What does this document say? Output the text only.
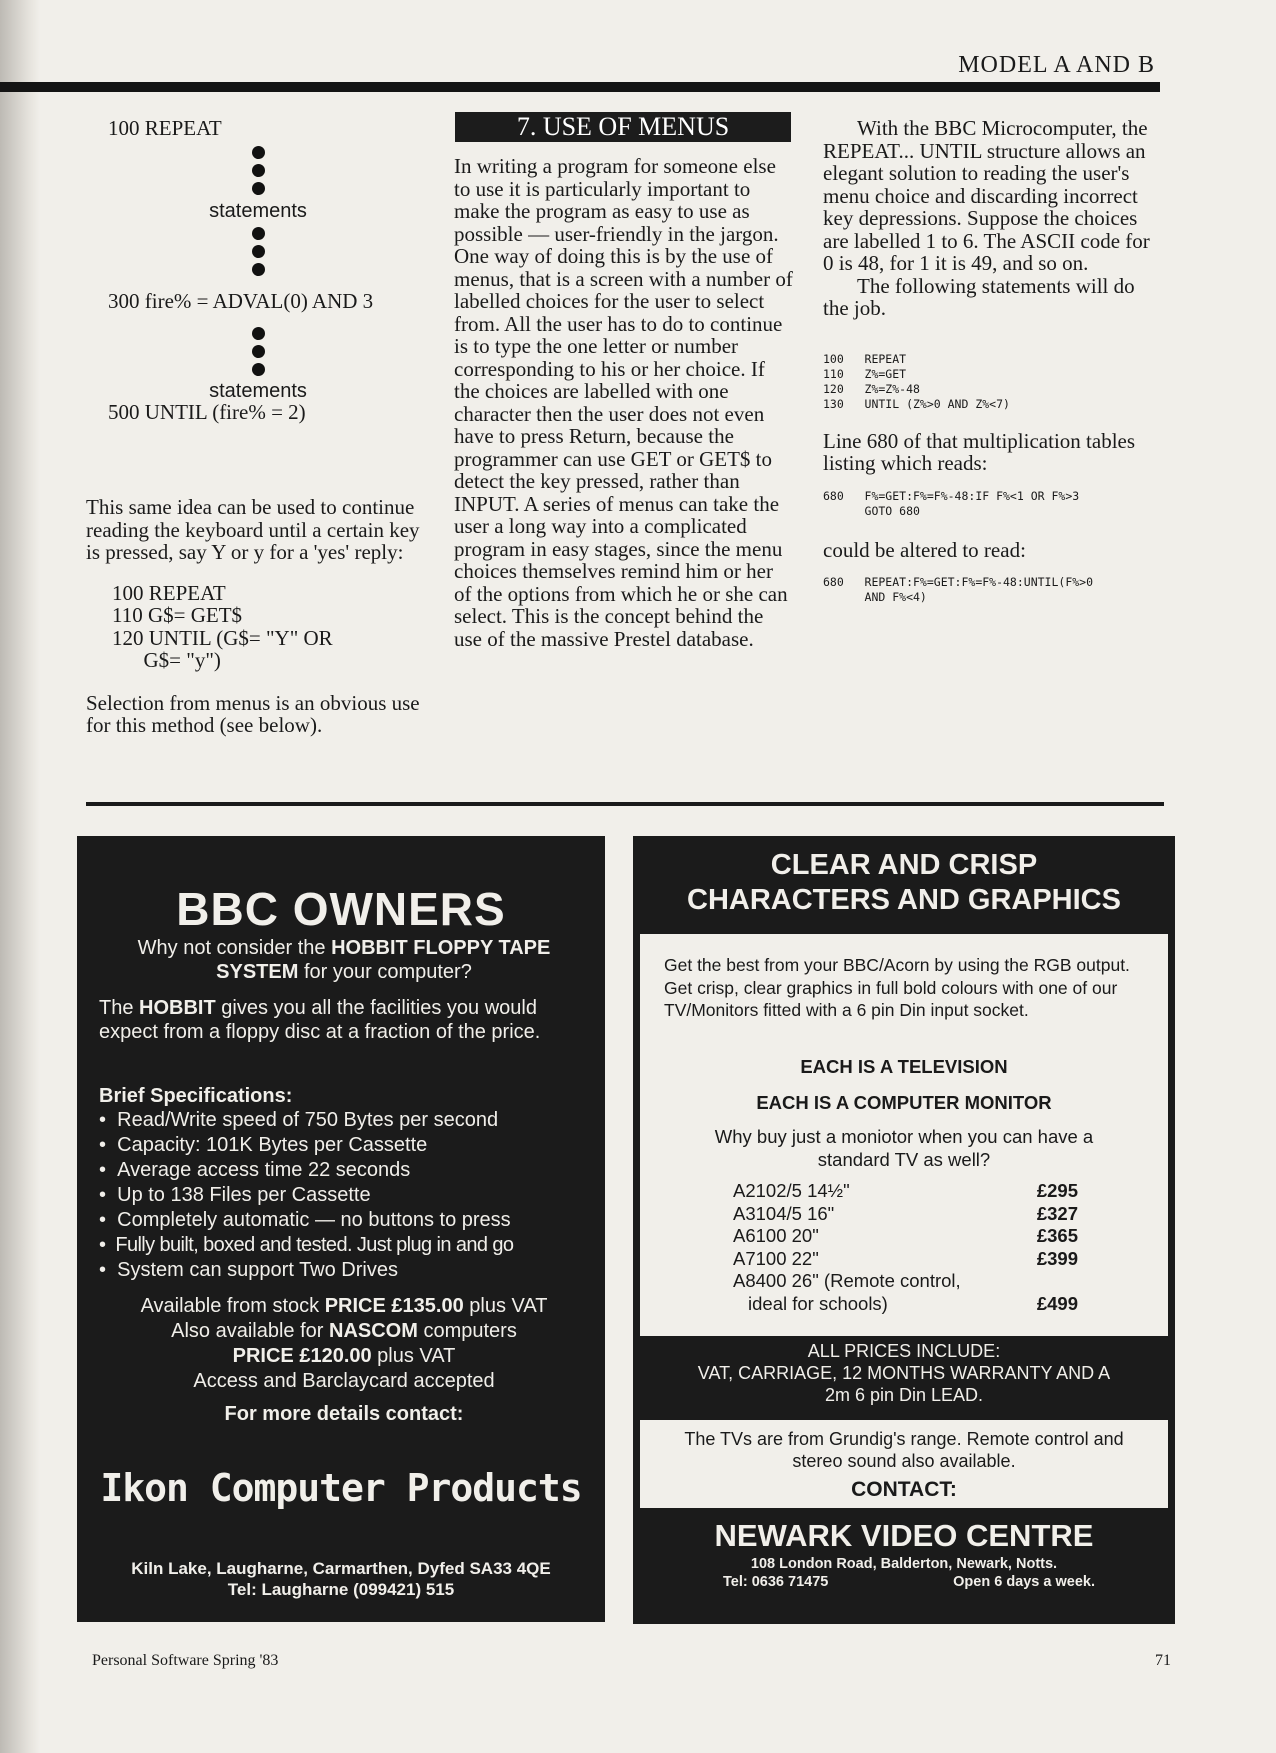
MODEL A AND B

100 REPEAT

statements

300 fire% = ADVAL(0) AND 3

statements

500 UNTIL (fire% = 2)

This same idea can be used to continue reading the keyboard until a certain key is pressed, say Y or y for a 'yes' reply:

100 REPEAT
110 G$= GET$
120 UNTIL (G$= "Y" OR
G$= "y")

Selection from menus is an obvious use for this method (see below).

7. USE OF MENUS

In writing a program for someone else to use it is particularly important to make the program as easy to use as possible — user-friendly in the jargon. One way of doing this is by the use of menus, that is a screen with a number of labelled choices for the user to select from. All the user has to do to continue is to type the one letter or number corresponding to his or her choice. If the choices are labelled with one character then the user does not even have to press Return, because the programmer can use GET or GET$ to detect the key pressed, rather than INPUT. A series of menus can take the user a long way into a complicated program in easy stages, since the menu choices themselves remind him or her of the options from which he or she can select. This is the concept behind the use of the massive Prestel database.

With the BBC Microcomputer, the REPEAT... UNTIL structure allows an elegant solution to reading the user's menu choice and discarding incorrect key depressions. Suppose the choices are labelled 1 to 6. The ASCII code for 0 is 48, for 1 it is 49, and so on.

The following statements will do the job.

100   REPEAT
110   Z%=GET
120   Z%=Z%-48
130   UNTIL (Z%>0 AND Z%<7)

Line 680 of that multiplication tables listing which reads:

680   F%=GET:F%=F%-48:IF F%<1 OR F%>3
GOTO 680

could be altered to read:

680   REPEAT:F%=GET:F%=F%-48:UNTIL(F%>0
AND F%<4)
BBC OWNERS
Why not consider the HOBBIT FLOPPY TAPE SYSTEM for your computer?
The HOBBIT gives you all the facilities you would expect from a floppy disc at a fraction of the price.
Brief Specifications:
•  Read/Write speed of 750 Bytes per second
•  Capacity: 101K Bytes per Cassette
•  Average access time 22 seconds
•  Up to 138 Files per Cassette
•  Completely automatic — no buttons to press
•  Fully built, boxed and tested. Just plug in and go
•  System can support Two Drives
Available from stock PRICE £135.00 plus VAT
Also available for NASCOM computers
PRICE £120.00 plus VAT
Access and Barclaycard accepted
For more details contact:
Ikon Computer Products
Kiln Lake, Laugharne, Carmarthen, Dyfed SA33 4QE
Tel: Laugharne (099421) 515
CLEAR AND CRISP
CHARACTERS AND GRAPHICS
Get the best from your BBC/Acorn by using the RGB output. Get crisp, clear graphics in full bold colours with one of our TV/Monitors fitted with a 6 pin Din input socket.
EACH IS A TELEVISION
EACH IS A COMPUTER MONITOR
Why buy just a moniotor when you can have a standard TV as well?
A2102/5 14½"	£295
A3104/5 16"	£327
A6100 20"	£365
A7100 22"	£399
A8400 26" (Remote control,
ideal for schools)	£499
ALL PRICES INCLUDE:
VAT, CARRIAGE, 12 MONTHS WARRANTY AND A
2m 6 pin Din LEAD.
The TVs are from Grundig's range. Remote control and stereo sound also available.
CONTACT:
NEWARK VIDEO CENTRE
108 London Road, Balderton, Newark, Notts.
Tel: 0636 71475	Open 6 days a week.
Personal Software Spring '83	71
